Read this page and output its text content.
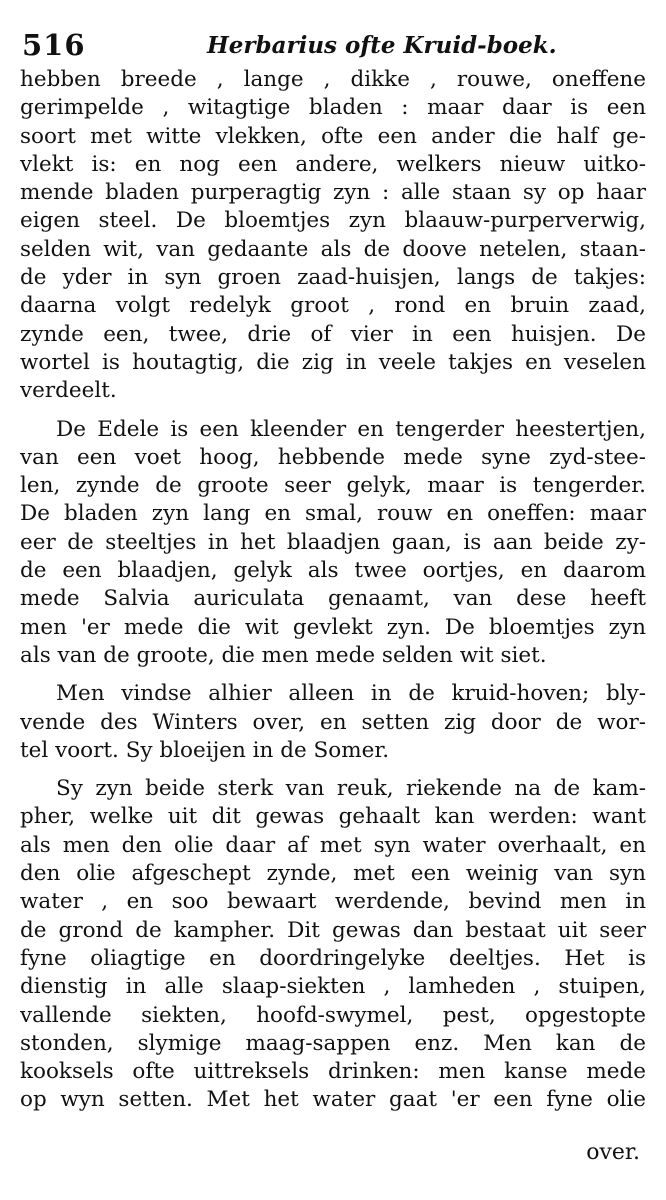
516	Herbarius ofte Kruid-boek.
hebben breede , lange , dikke , rouwe, oneffene
gerimpelde , witagtige bladen : maar daar is een
soort met witte vlekken, ofte een ander die half ge-
vlekt is: en nog een andere, welkers nieuw uitko-
mende bladen purperagtig zyn : alle staan sy op haar
eigen steel. De bloemtjes zyn blaauw-purperverwig,
selden wit, van gedaante als de doove netelen, staan-
de yder in syn groen zaad-huisjen, langs de takjes:
daarna volgt redelyk groot , rond en bruin zaad,
zynde een, twee, drie of vier in een huisjen. De
wortel is houtagtig, die zig in veele takjes en veselen
verdeelt.
De Edele is een kleender en tengerder heestertjen,
van een voet hoog, hebbende mede syne zyd-stee-
len, zynde de groote seer gelyk, maar is tengerder.
De bladen zyn lang en smal, rouw en oneffen: maar
eer de steeltjes in het blaadjen gaan, is aan beide zy-
de een blaadjen, gelyk als twee oortjes, en daarom
mede Salvia auriculata genaamt, van dese heeft
men 'er mede die wit gevlekt zyn. De bloemtjes zyn
als van de groote, die men mede selden wit siet.
Men vindse alhier alleen in de kruid-hoven; bly-
vende des Winters over, en setten zig door de wor-
tel voort. Sy bloeijen in de Somer.
Sy zyn beide sterk van reuk, riekende na de kam-
pher, welke uit dit gewas gehaalt kan werden: want
als men den olie daar af met syn water overhaalt, en
den olie afgeschept zynde, met een weinig van syn
water , en soo bewaart werdende, bevind men in
de grond de kampher. Dit gewas dan bestaat uit seer
fyne oliagtige en doordringelyke deeltjes. Het is
dienstig in alle slaap-siekten , lamheden , stuipen,
vallende siekten, hoofd-swymel, pest, opgestopte
stonden, slymige maag-sappen enz. Men kan de
kooksels ofte uittreksels drinken: men kanse mede
op wyn setten. Met het water gaat 'er een fyne olie
over.
